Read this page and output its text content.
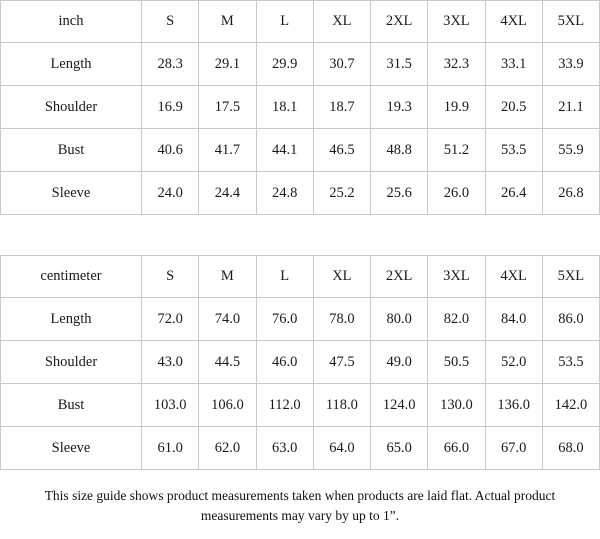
inch	S	M	L	XL	2XL	3XL	4XL	5XL
Length	28.3	29.1	29.9	30.7	31.5	32.3	33.1	33.9
Shoulder	16.9	17.5	18.1	18.7	19.3	19.9	20.5	21.1
Bust	40.6	41.7	44.1	46.5	48.8	51.2	53.5	55.9
Sleeve	24.0	24.4	24.8	25.2	25.6	26.0	26.4	26.8
centimeter	S	M	L	XL	2XL	3XL	4XL	5XL
Length	72.0	74.0	76.0	78.0	80.0	82.0	84.0	86.0
Shoulder	43.0	44.5	46.0	47.5	49.0	50.5	52.0	53.5
Bust	103.0	106.0	112.0	118.0	124.0	130.0	136.0	142.0
Sleeve	61.0	62.0	63.0	64.0	65.0	66.0	67.0	68.0
This size guide shows product measurements taken when products are laid flat. Actual product measurements may vary by up to 1”.
